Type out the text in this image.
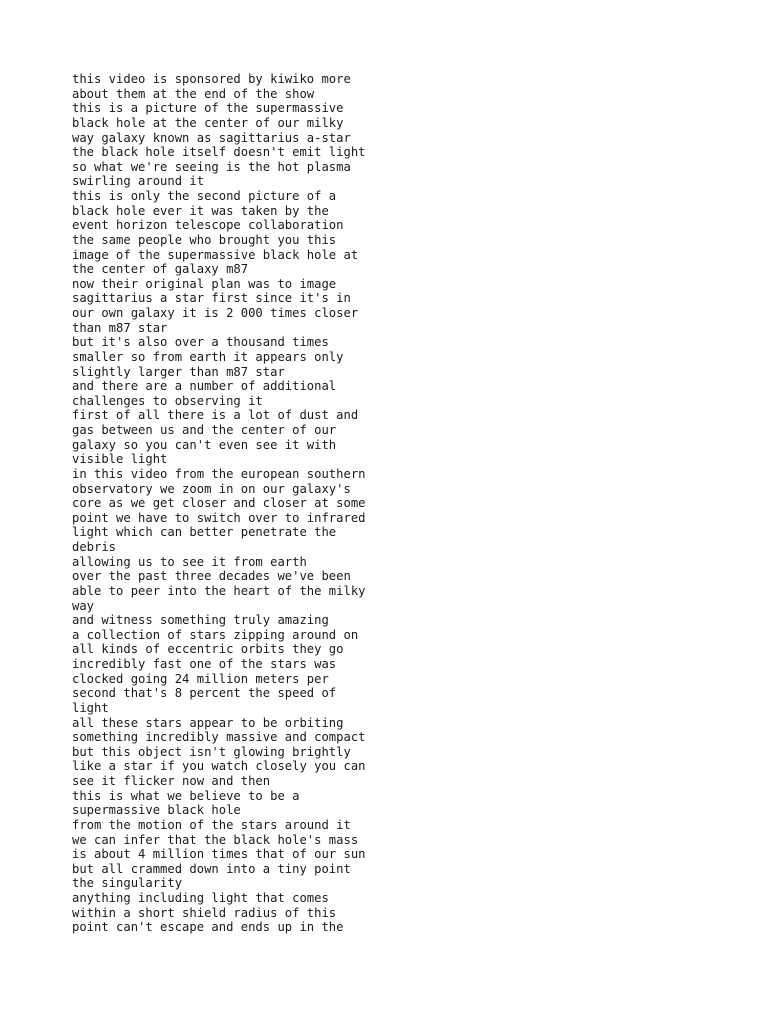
this video is sponsored by kiwiko more
about them at the end of the show
this is a picture of the supermassive
black hole at the center of our milky
way galaxy known as sagittarius a-star
the black hole itself doesn't emit light
so what we're seeing is the hot plasma
swirling around it
this is only the second picture of a
black hole ever it was taken by the
event horizon telescope collaboration
the same people who brought you this
image of the supermassive black hole at
the center of galaxy m87
now their original plan was to image
sagittarius a star first since it's in
our own galaxy it is 2 000 times closer
than m87 star
but it's also over a thousand times
smaller so from earth it appears only
slightly larger than m87 star
and there are a number of additional
challenges to observing it
first of all there is a lot of dust and
gas between us and the center of our
galaxy so you can't even see it with
visible light
in this video from the european southern
observatory we zoom in on our galaxy's
core as we get closer and closer at some
point we have to switch over to infrared
light which can better penetrate the
debris
allowing us to see it from earth
over the past three decades we've been
able to peer into the heart of the milky
way
and witness something truly amazing
a collection of stars zipping around on
all kinds of eccentric orbits they go
incredibly fast one of the stars was
clocked going 24 million meters per
second that's 8 percent the speed of
light
all these stars appear to be orbiting
something incredibly massive and compact
but this object isn't glowing brightly
like a star if you watch closely you can
see it flicker now and then
this is what we believe to be a
supermassive black hole
from the motion of the stars around it
we can infer that the black hole's mass
is about 4 million times that of our sun
but all crammed down into a tiny point
the singularity
anything including light that comes
within a short shield radius of this
point can't escape and ends up in the
